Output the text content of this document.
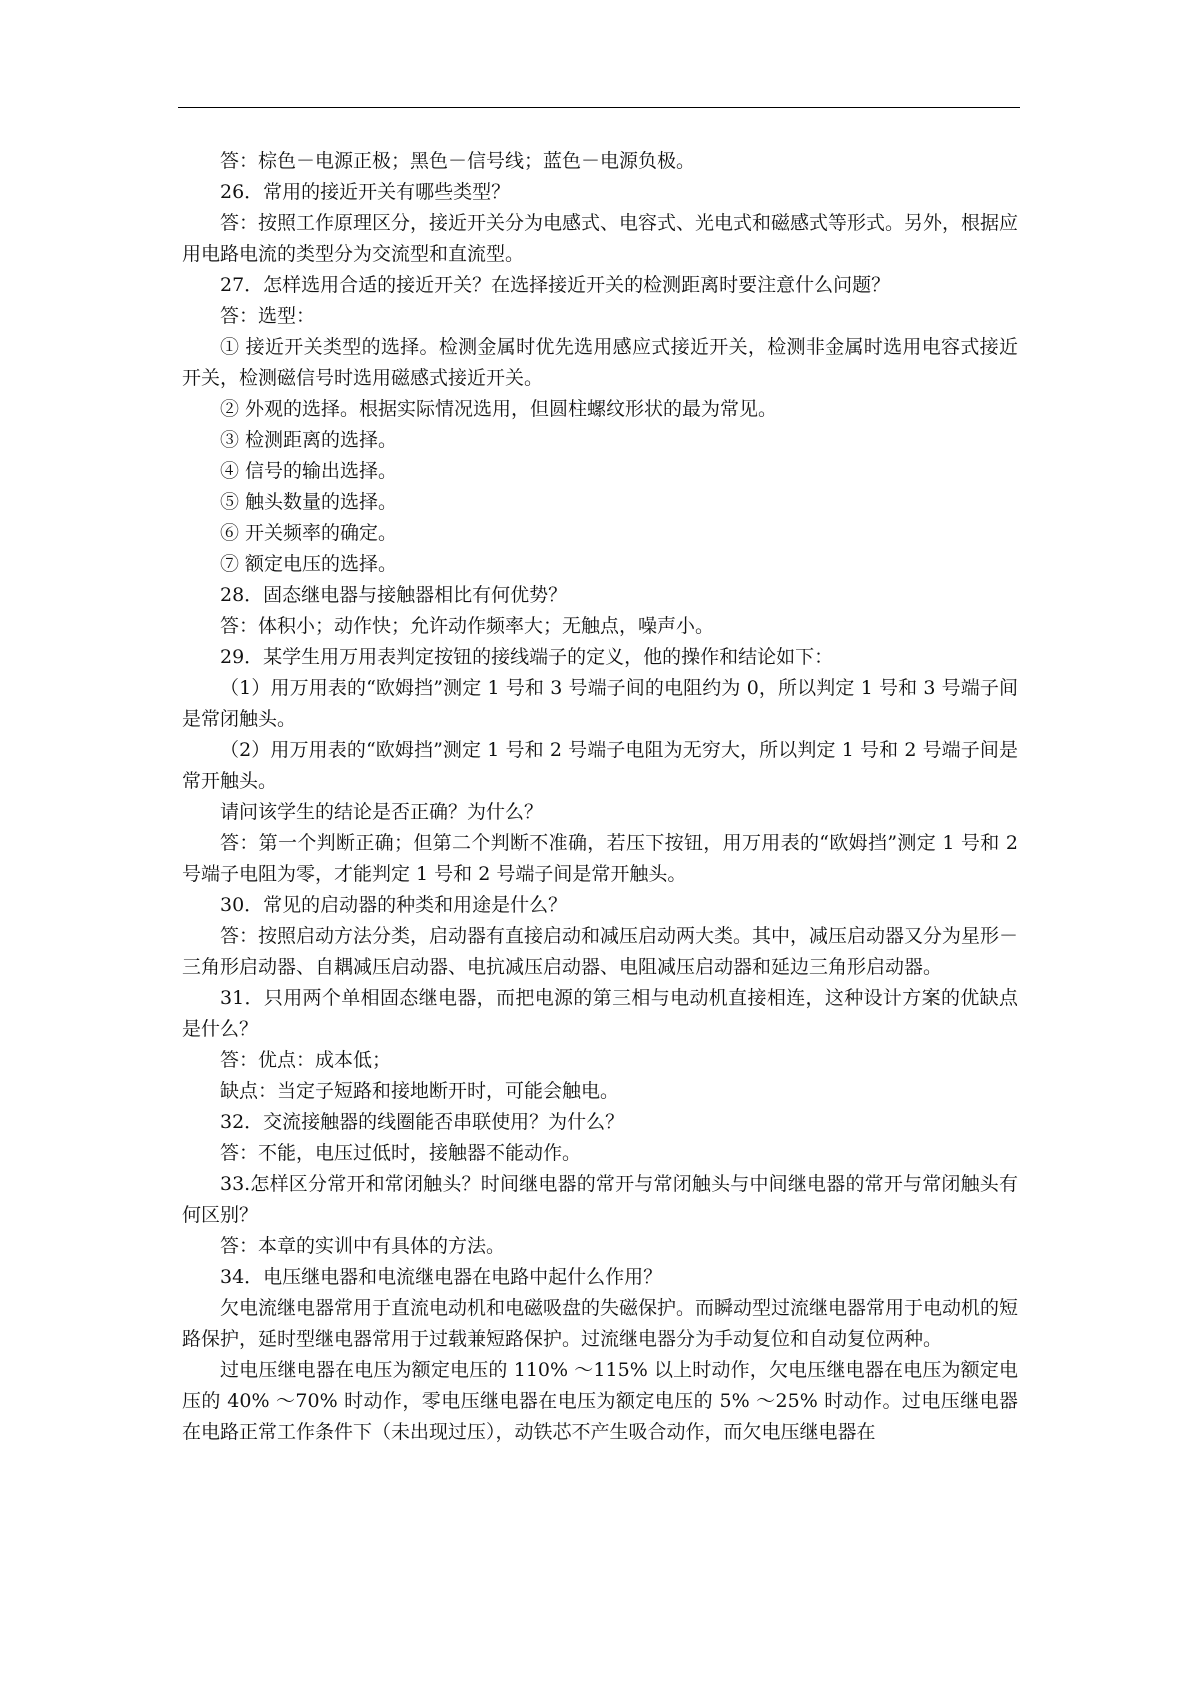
答：棕色－电源正极；黑色－信号线；蓝色－电源负极。

26．常用的接近开关有哪些类型？

答：按照工作原理区分，接近开关分为电感式、电容式、光电式和磁感式等形式。另外，根据应用电路电流的类型分为交流型和直流型。

27．怎样选用合适的接近开关？在选择接近开关的检测距离时要注意什么问题？

答：选型：

① 接近开关类型的选择。检测金属时优先选用感应式接近开关，检测非金属时选用电容式接近开关，检测磁信号时选用磁感式接近开关。

② 外观的选择。根据实际情况选用，但圆柱螺纹形状的最为常见。

③ 检测距离的选择。

④ 信号的输出选择。

⑤ 触头数量的选择。

⑥ 开关频率的确定。

⑦ 额定电压的选择。

28．固态继电器与接触器相比有何优势？

答：体积小；动作快；允许动作频率大；无触点，噪声小。

29．某学生用万用表判定按钮的接线端子的定义，他的操作和结论如下：

（1）用万用表的“欧姆挡”测定 1 号和 3 号端子间的电阻约为 0，所以判定 1 号和 3 号端子间是常闭触头。

（2）用万用表的“欧姆挡”测定 1 号和 2 号端子电阻为无穷大，所以判定 1 号和 2 号端子间是常开触头。

请问该学生的结论是否正确？为什么？

答：第一个判断正确；但第二个判断不准确，若压下按钮，用万用表的“欧姆挡”测定 1 号和 2 号端子电阻为零，才能判定 1 号和 2 号端子间是常开触头。

30．常见的启动器的种类和用途是什么？

答：按照启动方法分类，启动器有直接启动和减压启动两大类。其中，减压启动器又分为星形－三角形启动器、自耦减压启动器、电抗减压启动器、电阻减压启动器和延边三角形启动器。

31．只用两个单相固态继电器，而把电源的第三相与电动机直接相连，这种设计方案的优缺点是什么？

答：优点：成本低；

缺点：当定子短路和接地断开时，可能会触电。

32．交流接触器的线圈能否串联使用？为什么？

答：不能，电压过低时，接触器不能动作。

33.怎样区分常开和常闭触头？时间继电器的常开与常闭触头与中间继电器的常开与常闭触头有何区别？

答：本章的实训中有具体的方法。

34．电压继电器和电流继电器在电路中起什么作用？

欠电流继电器常用于直流电动机和电磁吸盘的失磁保护。而瞬动型过流继电器常用于电动机的短路保护，延时型继电器常用于过载兼短路保护。过流继电器分为手动复位和自动复位两种。

过电压继电器在电压为额定电压的 110% ～115% 以上时动作，欠电压继电器在电压为额定电压的 40% ～70% 时动作，零电压继电器在电压为额定电压的 5% ～25% 时动作。过电压继电器在电路正常工作条件下（未出现过压），动铁芯不产生吸合动作，而欠电压继电器在
